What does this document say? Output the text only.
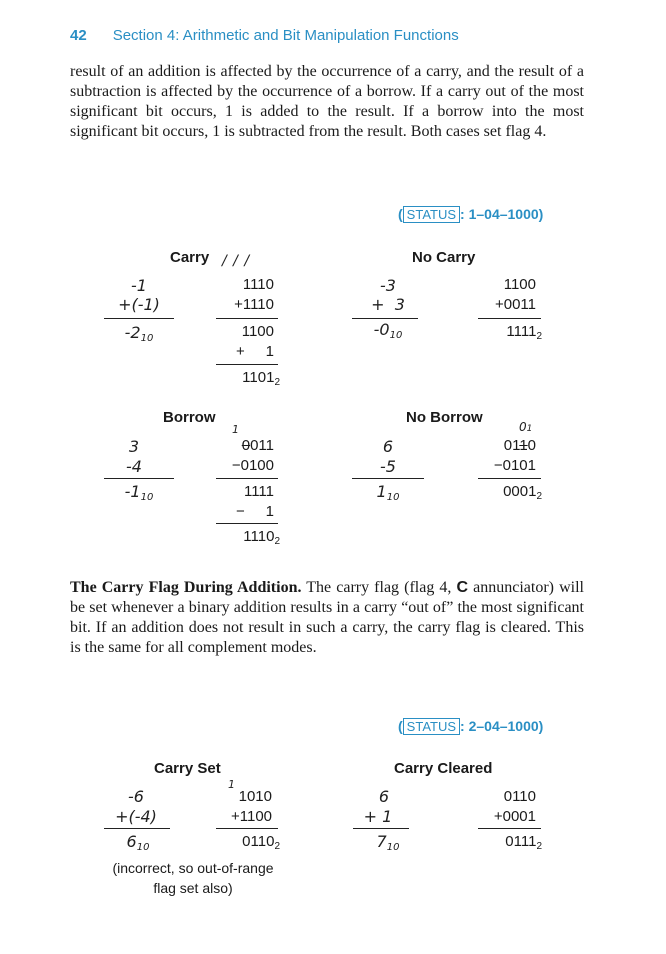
42 Section 4: Arithmetic and Bit Manipulation Functions
result of an addition is affected by the occurrence of a carry, and the result of a subtraction is affected by the occurrence of a borrow. If a carry out of the most significant bit occurs, 1 is added to the result. If a borrow into the most significant bit occurs, 1 is subtracted from the result. Both cases set flag 4.
( STATUS : 1–04–1000)
Carry / / /
-1
+(-1)
$-2_{10}$
1110
+1110
1100
+     1
$1101_2$
No Carry
-3
+  3
$-0_{10}$
1100
+0011
$1111_2$
Borrow
3
-4
$-1_{10}$
1
0011
−0100
1111
−     1
$1110_2$
No Borrow
6
-5
$1_{10}$
01
0110
−0101
$0001_2$
The Carry Flag During Addition. The carry flag (flag 4, C annunciator) will be set whenever a binary addition results in a carry “out of” the most significant bit. If an addition does not result in such a carry, the carry flag is cleared. This is the same for all complement modes.
( STATUS : 2–04–1000)
Carry Set
-6
+(-4)
$6_{10}$
1
1010
+1100
$0110_2$
(incorrect, so out-of-range
flag set also)
Carry Cleared
6
+ 1
$7_{10}$
0110
+0001
$0111_2$
